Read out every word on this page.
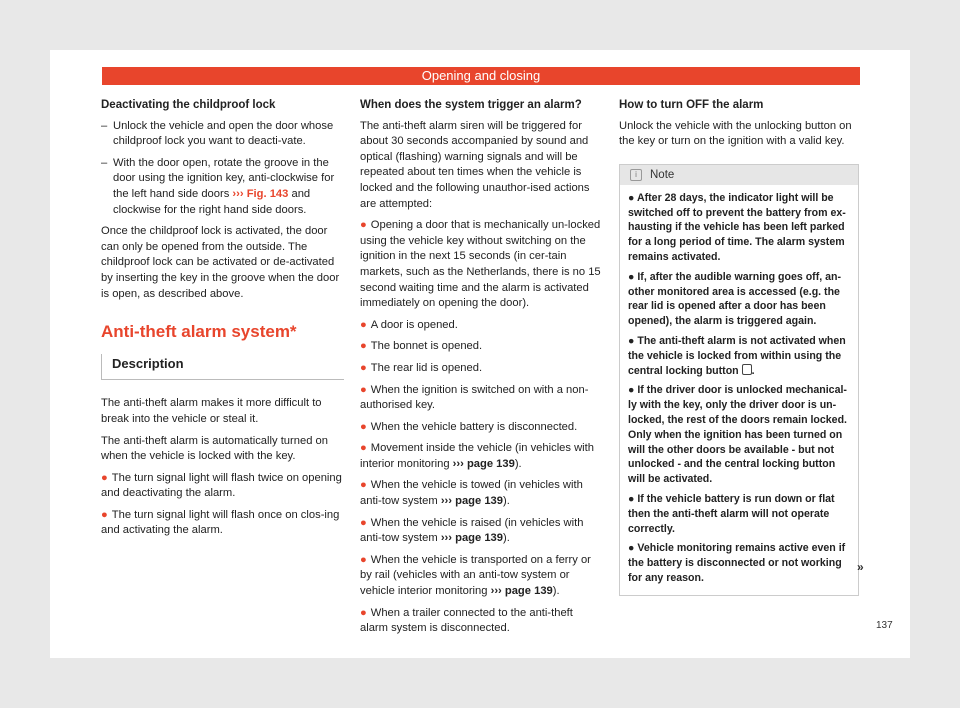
Opening and closing
Deactivating the childproof lock
– Unlock the vehicle and open the door whose childproof lock you want to deacti-vate.
– With the door open, rotate the groove in the door using the ignition key, anti-clockwise for the left hand side doors ››› Fig. 143 and clockwise for the right hand side doors.

Once the childproof lock is activated, the door can only be opened from the outside. The childproof lock can be activated or de-activated by inserting the key in the groove when the door is open, as described above.

Anti-theft alarm system*
Description

The anti-theft alarm makes it more difficult to break into the vehicle or steal it.

The anti-theft alarm is automatically turned on when the vehicle is locked with the key.

● The turn signal light will flash twice on opening and deactivating the alarm.
● The turn signal light will flash once on clos-ing and activating the alarm.
When does the system trigger an alarm?

The anti-theft alarm siren will be triggered for about 30 seconds accompanied by sound and optical (flashing) warning signals and will be repeated about ten times when the vehicle is locked and the following unauthor-ised actions are attempted:

● Opening a door that is mechanically un-locked using the vehicle key without switching on the ignition in the next 15 seconds (in cer-tain markets, such as the Netherlands, there is no 15 second waiting time and the alarm is activated immediately on opening the door).
● A door is opened.
● The bonnet is opened.
● The rear lid is opened.
● When the ignition is switched on with a non-authorised key.
● When the vehicle battery is disconnected.
● Movement inside the vehicle (in vehicles with interior monitoring ››› page 139).
● When the vehicle is towed (in vehicles with anti-tow system ››› page 139).
● When the vehicle is raised (in vehicles with anti-tow system ››› page 139).
● When the vehicle is transported on a ferry or by rail (vehicles with an anti-tow system or vehicle interior monitoring ››› page 139).
● When a trailer connected to the anti-theft alarm system is disconnected.
How to turn OFF the alarm

Unlock the vehicle with the unlocking button on the key or turn on the ignition with a valid key.

i Note
● After 28 days, the indicator light will be switched off to prevent the battery from ex-hausting if the vehicle has been left parked for a long period of time. The alarm system remains activated.
● If, after the audible warning goes off, an-other monitored area is accessed (e.g. the rear lid is opened after a door has been opened), the alarm is triggered again.
● The anti-theft alarm is not activated when the vehicle is locked from within using the central locking button .
● If the driver door is unlocked mechanical-ly with the key, only the driver door is un-locked, the rest of the doors remain locked. Only when the ignition has been turned on will the other doors be available - but not unlocked - and the central locking button will be activated.
● If the vehicle battery is run down or flat then the anti-theft alarm will not operate correctly.
● Vehicle monitoring remains active even if the battery is disconnected or not working for any reason.
»
137
